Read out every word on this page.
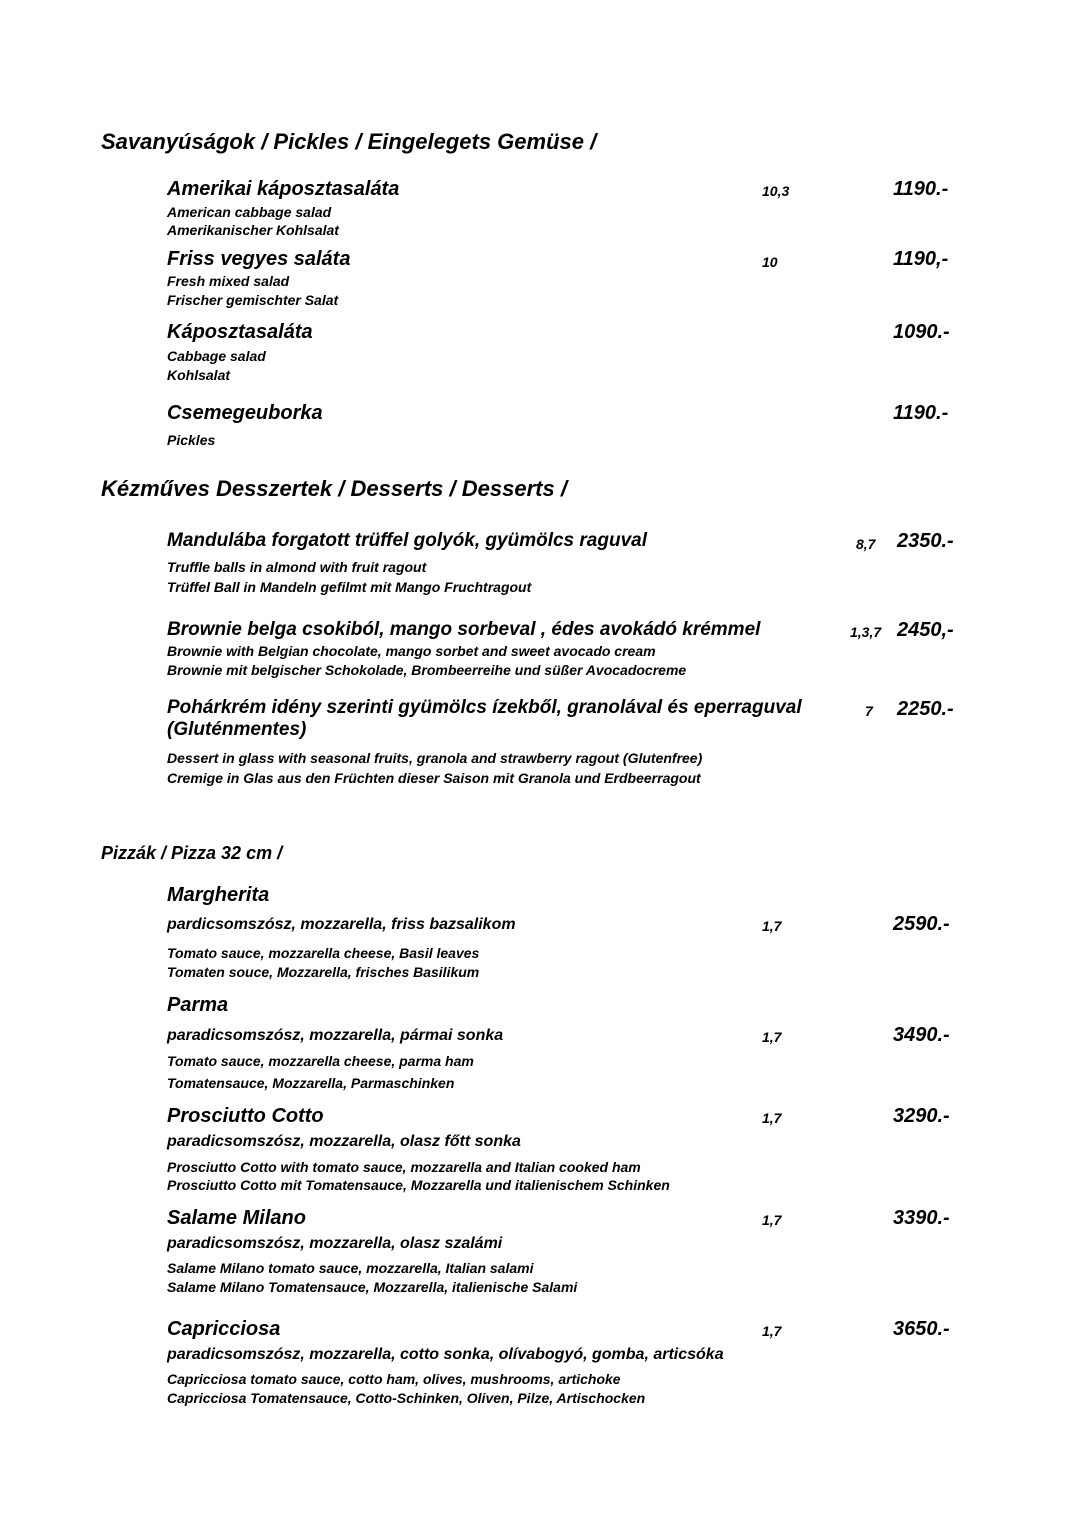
Savanyúságok / Pickles / Eingelegets Gemüse /
Amerikai káposztasaláta	10,3	1190.-
American cabbage salad
Amerikanischer Kohlsalat
Friss vegyes saláta	10	1190,-
Fresh mixed salad
Frischer gemischter Salat
Káposztasaláta	1090.-
Cabbage salad
Kohlsalat
Csemegeuborka	1190.-
Pickles
Kézműves Desszertek / Desserts / Desserts /
Mandulába forgatott trüffel golyók, gyümölcs raguval	8,7 2350.-
Truffle balls in almond with fruit ragout
Trüffel Ball in Mandeln gefilmt mit Mango Fruchtragout
Brownie belga csokiból, mango sorbeval , édes avokádó krémmel	1,3,7 2450,-
Brownie with Belgian chocolate, mango sorbet and sweet avocado cream
Brownie mit belgischer Schokolade, Brombeerreihe und süßer Avocadocreme
Pohárkrém idény szerinti gyümölcs ízekből, granolával és eperraguval (Gluténmentes)
7 2250.-
Dessert in glass with seasonal fruits, granola and strawberry ragout (Glutenfree)
Cremige in Glas aus den Früchten dieser Saison mit Granola und Erdbeerragout
Pizzák / Pizza 32 cm /
Margherita
pardicsomszósz, mozzarella, friss bazsalikom	1,7	2590.-
Tomato sauce, mozzarella cheese, Basil leaves
Tomaten souce, Mozzarella, frisches Basilikum
Parma
paradicsomszósz, mozzarella, pármai sonka	1,7	3490.-
Tomato sauce, mozzarella cheese, parma ham
Tomatensauce, Mozzarella, Parmaschinken
Prosciutto Cotto	1,7	3290.-
paradicsomszósz, mozzarella, olasz főtt sonka
Prosciutto Cotto with tomato sauce, mozzarella and Italian cooked ham
Prosciutto Cotto mit Tomatensauce, Mozzarella und italienischem Schinken
Salame Milano	1,7	3390.-
paradicsomszósz, mozzarella, olasz szalámi
Salame Milano tomato sauce, mozzarella, Italian salami
Salame Milano Tomatensauce, Mozzarella, italienische Salami
Capricciosa	1,7	3650.-
paradicsomszósz, mozzarella, cotto sonka, olívabogyó, gomba, articsóka
Capricciosa tomato sauce, cotto ham, olives, mushrooms, artichoke
Capricciosa Tomatensauce, Cotto-Schinken, Oliven, Pilze, Artischocken
